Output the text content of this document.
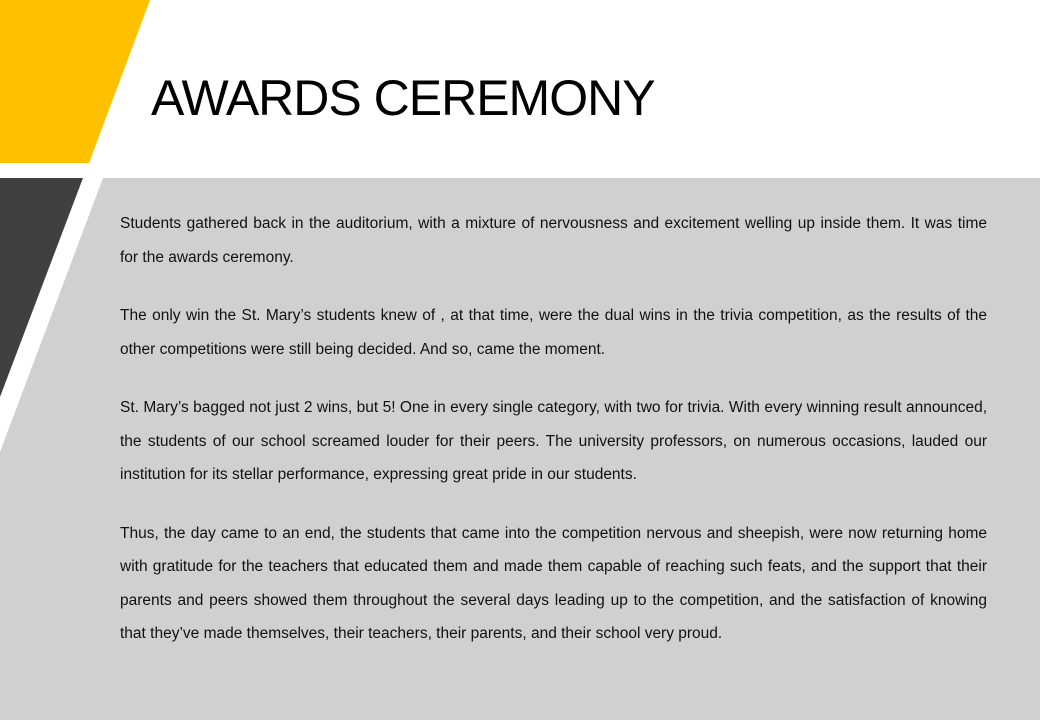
AWARDS CEREMONY

Students gathered back in the auditorium, with a mixture of nervousness and excitement welling up inside them. It was time for the awards ceremony.

The only win the St. Mary’s students knew of , at that time, were the dual wins in the trivia competition, as the results of the other competitions were still being decided. And so, came the moment.

St. Mary’s bagged not just 2 wins, but 5! One in every single category, with two for trivia. With every winning result announced, the students of our school screamed louder for their peers. The university professors, on numerous occasions, lauded our institution for its stellar performance, expressing great pride in our students.

Thus, the day came to an end, the students that came into the competition nervous and sheepish, were now returning home with gratitude for the teachers that educated them and made them capable of reaching such feats, and the support that their parents and peers showed them throughout the several days leading up to the competition, and the satisfaction of knowing that they’ve made themselves, their teachers, their parents, and their school very proud.
